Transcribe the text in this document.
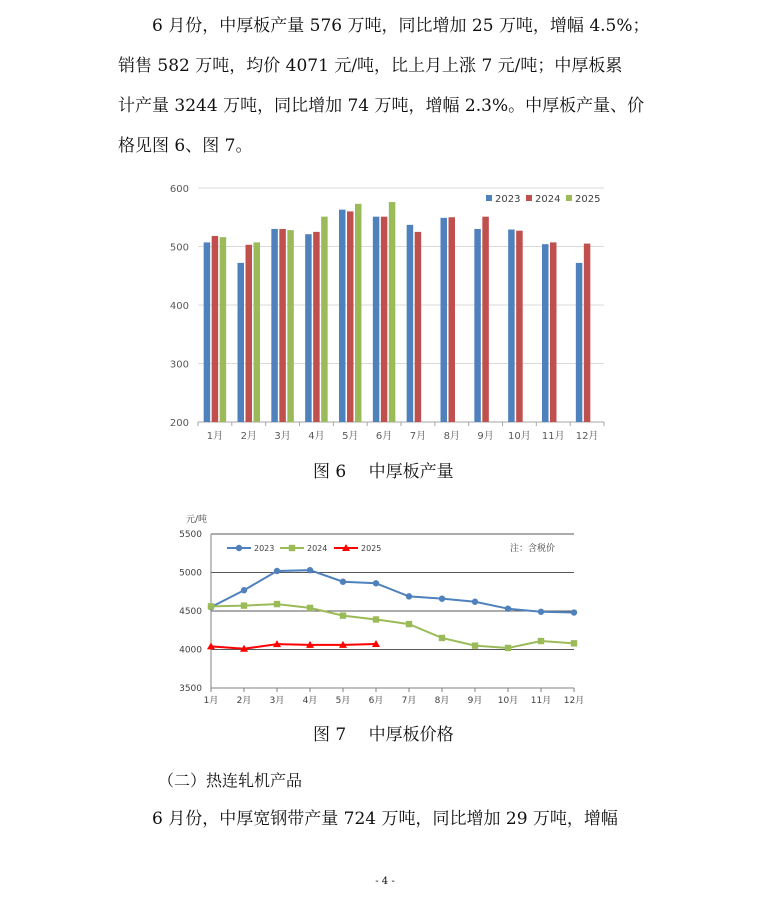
6 月份，中厚板产量 576 万吨，同比增加 25 万吨，增幅 4.5%；
销售 582 万吨，均价 4071 元/吨，比上月上涨 7 元/吨；中厚板累
计产量 3244 万吨，同比增加 74 万吨，增幅 2.3%。中厚板产量、价
格见图 6、图 7。
200
300
400
500
600
1月 2月 3月 4月 5月 6月 7月 8月 9月 10月 11月 12月
2023 2024 2025
图 6　 中厚板产量
3500
4000
4500
5000
5500
元/吨
1月 2月 3月 4月 5月 6月 7月 8月 9月 10月 11月 12月
注：含税价
2023	2024	2025
图 7　 中厚板价格
（二）热连轧机产品
6 月份，中厚宽钢带产量 724 万吨，同比增加 29 万吨，增幅
- 4 -
